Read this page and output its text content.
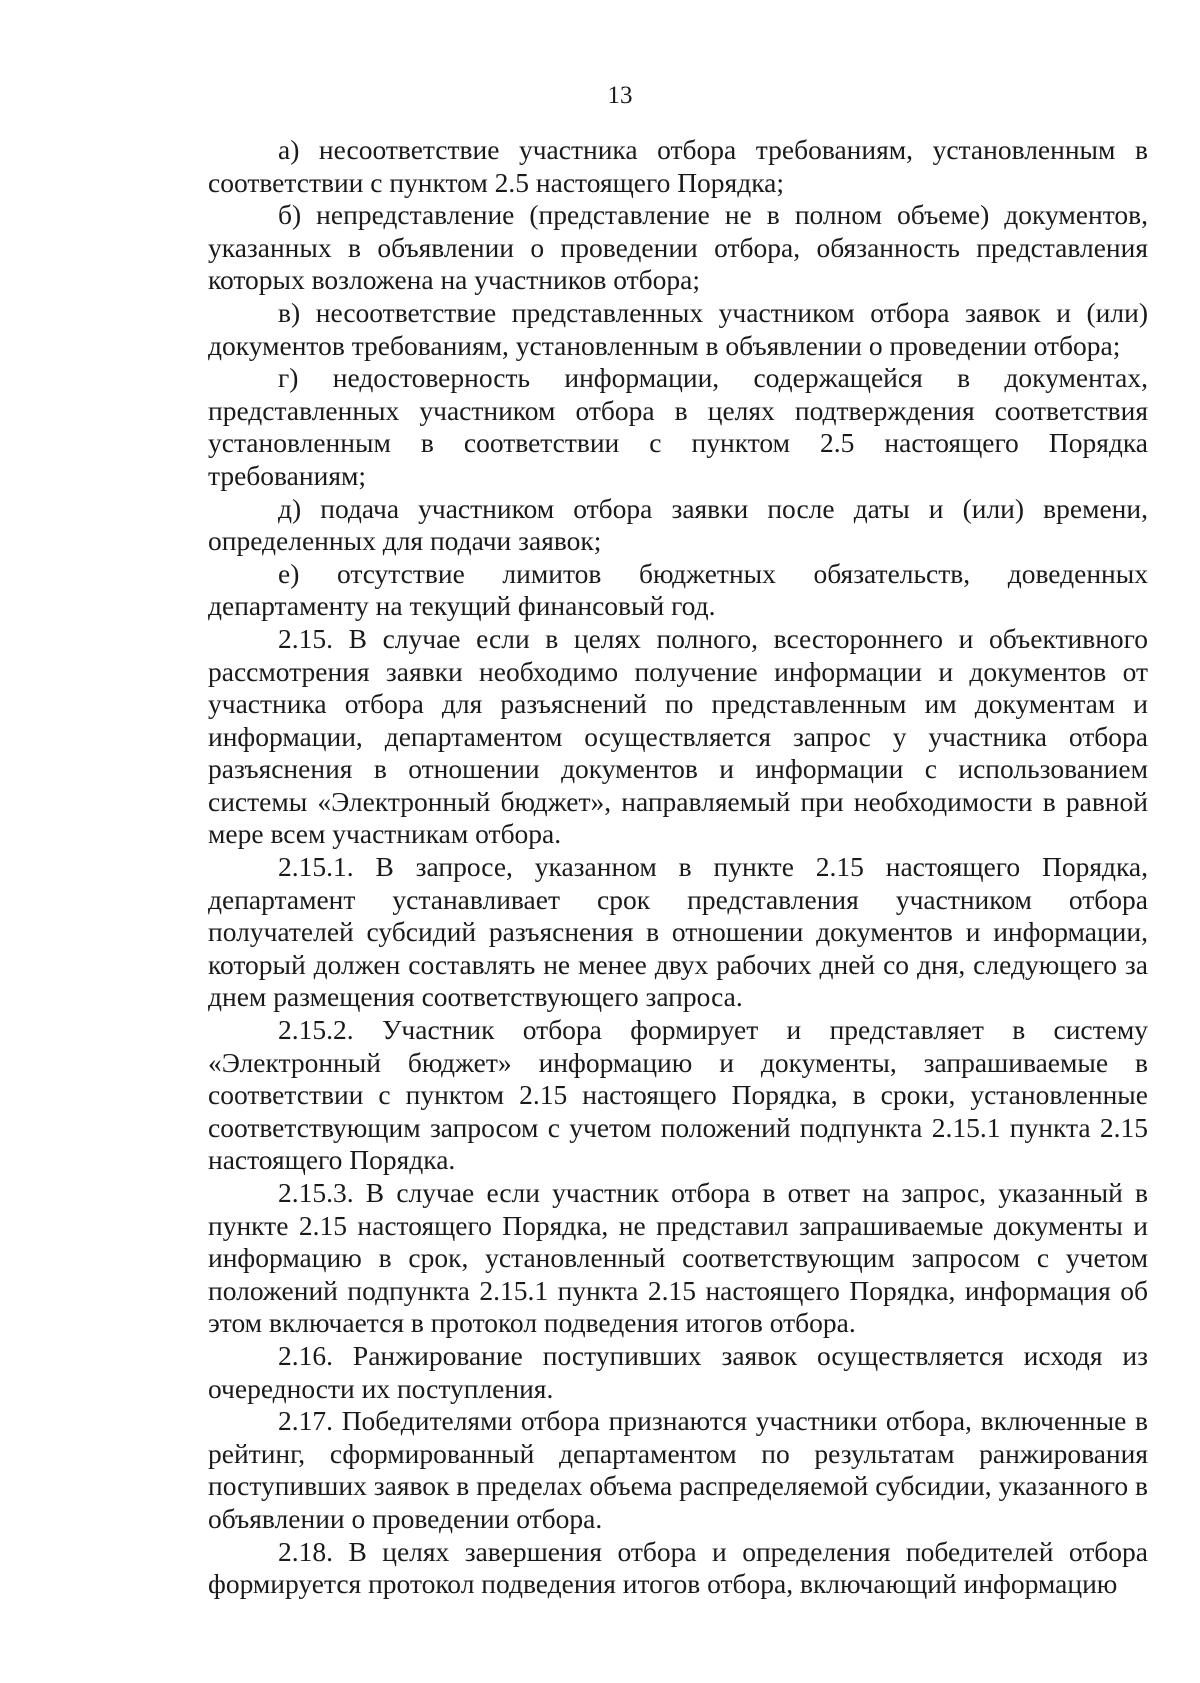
13

а) несоответствие участника отбора требованиям, установленным в соответствии с пунктом 2.5 настоящего Порядка;

б) непредставление (представление не в полном объеме) документов, указанных в объявлении о проведении отбора, обязанность представления которых возложена на участников отбора;

в) несоответствие представленных участником отбора заявок и (или) документов требованиям, установленным в объявлении о проведении отбора;

г) недостоверность информации, содержащейся в документах, представленных участником отбора в целях подтверждения соответствия установленным в соответствии с пунктом 2.5 настоящего Порядка требованиям;

д) подача участником отбора заявки после даты и (или) времени, определенных для подачи заявок;

е) отсутствие лимитов бюджетных обязательств, доведенных департаменту на текущий финансовый год.

2.15. В случае если в целях полного, всестороннего и объективного рассмотрения заявки необходимо получение информации и документов от участника отбора для разъяснений по представленным им документам и информации, департаментом осуществляется запрос у участника отбора разъяснения в отношении документов и информации с использованием системы «Электронный бюджет», направляемый при необходимости в равной мере всем участникам отбора.

2.15.1. В запросе, указанном в пункте 2.15 настоящего Порядка, департамент устанавливает срок представления участником отбора получателей субсидий разъяснения в отношении документов и информации, который должен составлять не менее двух рабочих дней со дня, следующего за днем размещения соответствующего запроса.

2.15.2. Участник отбора формирует и представляет в систему «Электронный бюджет» информацию и документы, запрашиваемые в соответствии с пунктом 2.15 настоящего Порядка, в сроки, установленные соответствующим запросом с учетом положений подпункта 2.15.1 пункта 2.15 настоящего Порядка.

2.15.3. В случае если участник отбора в ответ на запрос, указанный в пункте 2.15 настоящего Порядка, не представил запрашиваемые документы и информацию в срок, установленный соответствующим запросом с учетом положений подпункта 2.15.1 пункта 2.15 настоящего Порядка, информация об этом включается в протокол подведения итогов отбора.

2.16. Ранжирование поступивших заявок осуществляется исходя из очередности их поступления.

2.17. Победителями отбора признаются участники отбора, включенные в рейтинг, сформированный департаментом по результатам ранжирования поступивших заявок в пределах объема распределяемой субсидии, указанного в объявлении о проведении отбора.

2.18. В целях завершения отбора и определения победителей отбора формируется протокол подведения итогов отбора, включающий информацию
